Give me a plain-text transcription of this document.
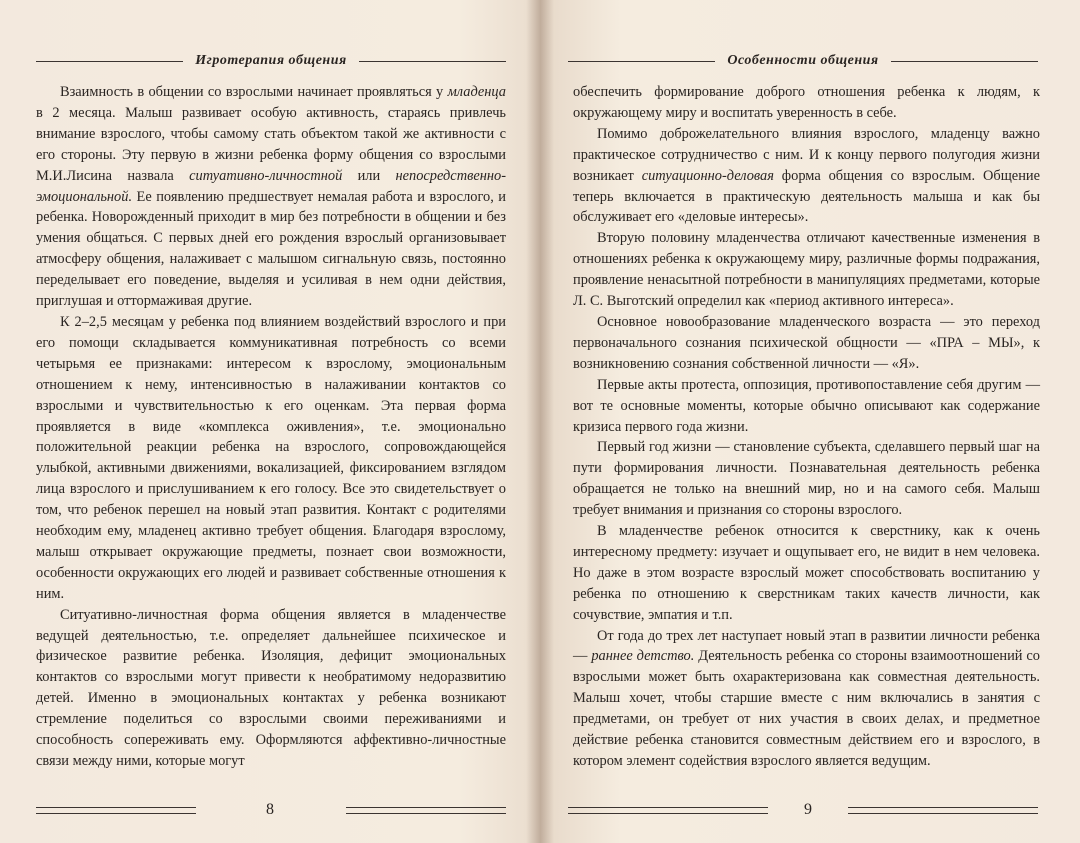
Игротерапия общения

Взаимность в общении со взрослыми начинает проявляться у младенца в 2 месяца. Малыш развивает особую активность, стараясь привлечь внимание взрослого, чтобы самому стать объектом такой же активности с его стороны. Эту первую в жизни ребенка форму общения со взрослыми М.И.Лисина назвала ситуативно-личностной или непосредственно-эмоциональной. Ее появлению предшествует немалая работа и взрослого, и ребенка. Новорожденный приходит в мир без потребности в общении и без умения общаться. С первых дней его рождения взрослый организовывает атмосферу общения, налаживает с малышом сигнальную связь, постоянно переделывает его поведение, выделяя и усиливая в нем одни действия, приглушая и оттормаживая другие.

К 2–2,5 месяцам у ребенка под влиянием воздействий взрослого и при его помощи складывается коммуникативная потребность со всеми четырьмя ее признаками: интересом к взрослому, эмоциональным отношением к нему, интенсивностью в налаживании контактов со взрослыми и чувствительностью к его оценкам. Эта первая форма проявляется в виде «комплекса оживления», т.е. эмоционально положительной реакции ребенка на взрослого, сопровождающейся улыбкой, активными движениями, вокализацией, фиксированием взглядом лица взрослого и прислушиванием к его голосу. Все это свидетельствует о том, что ребенок перешел на новый этап развития. Контакт с родителями необходим ему, младенец активно требует общения. Благодаря взрослому, малыш открывает окружающие предметы, познает свои возможности, особенности окружающих его людей и развивает собственные отношения к ним.

Ситуативно-личностная форма общения является в младенчестве ведущей деятельностью, т.е. определяет дальнейшее психическое и физическое развитие ребенка. Изоляция, дефицит эмоциональных контактов со взрослыми могут привести к необратимому недоразвитию детей. Именно в эмоциональных контактах у ребенка возникают стремление поделиться со взрослыми своими переживаниями и способность сопереживать ему. Оформляются аффективно-личностные связи между ними, которые могут

8
Особенности общения

обеспечить формирование доброго отношения ребенка к людям, к окружающему миру и воспитать уверенность в себе.

Помимо доброжелательного влияния взрослого, младенцу важно практическое сотрудничество с ним. И к концу первого полугодия жизни возникает ситуационно-деловая форма общения со взрослым. Общение теперь включается в практическую деятельность малыша и как бы обслуживает его «деловые интересы».

Вторую половину младенчества отличают качественные изменения в отношениях ребенка к окружающему миру, различные формы подражания, проявление ненасытной потребности в манипуляциях предметами, которые Л. С. Выготский определил как «период активного интереса».

Основное новообразование младенческого возраста — это переход первоначального сознания психической общности — «ПРА – МЫ», к возникновению сознания собственной личности — «Я».

Первые акты протеста, оппозиция, противопоставление себя другим — вот те основные моменты, которые обычно описывают как содержание кризиса первого года жизни.

Первый год жизни — становление субъекта, сделавшего первый шаг на пути формирования личности. Познавательная деятельность ребенка обращается не только на внешний мир, но и на самого себя. Малыш требует внимания и признания со стороны взрослого.

В младенчестве ребенок относится к сверстнику, как к очень интересному предмету: изучает и ощупывает его, не видит в нем человека. Но даже в этом возрасте взрослый может способствовать воспитанию у ребенка по отношению к сверстникам таких качеств личности, как сочувствие, эмпатия и т.п.

От года до трех лет наступает новый этап в развитии личности ребенка — раннее детство. Деятельность ребенка со стороны взаимоотношений со взрослыми может быть охарактеризована как совместная деятельность. Малыш хочет, чтобы старшие вместе с ним включались в занятия с предметами, он требует от них участия в своих делах, и предметное действие ребенка становится совместным действием его и взрослого, в котором элемент содействия взрослого является ведущим.

9
